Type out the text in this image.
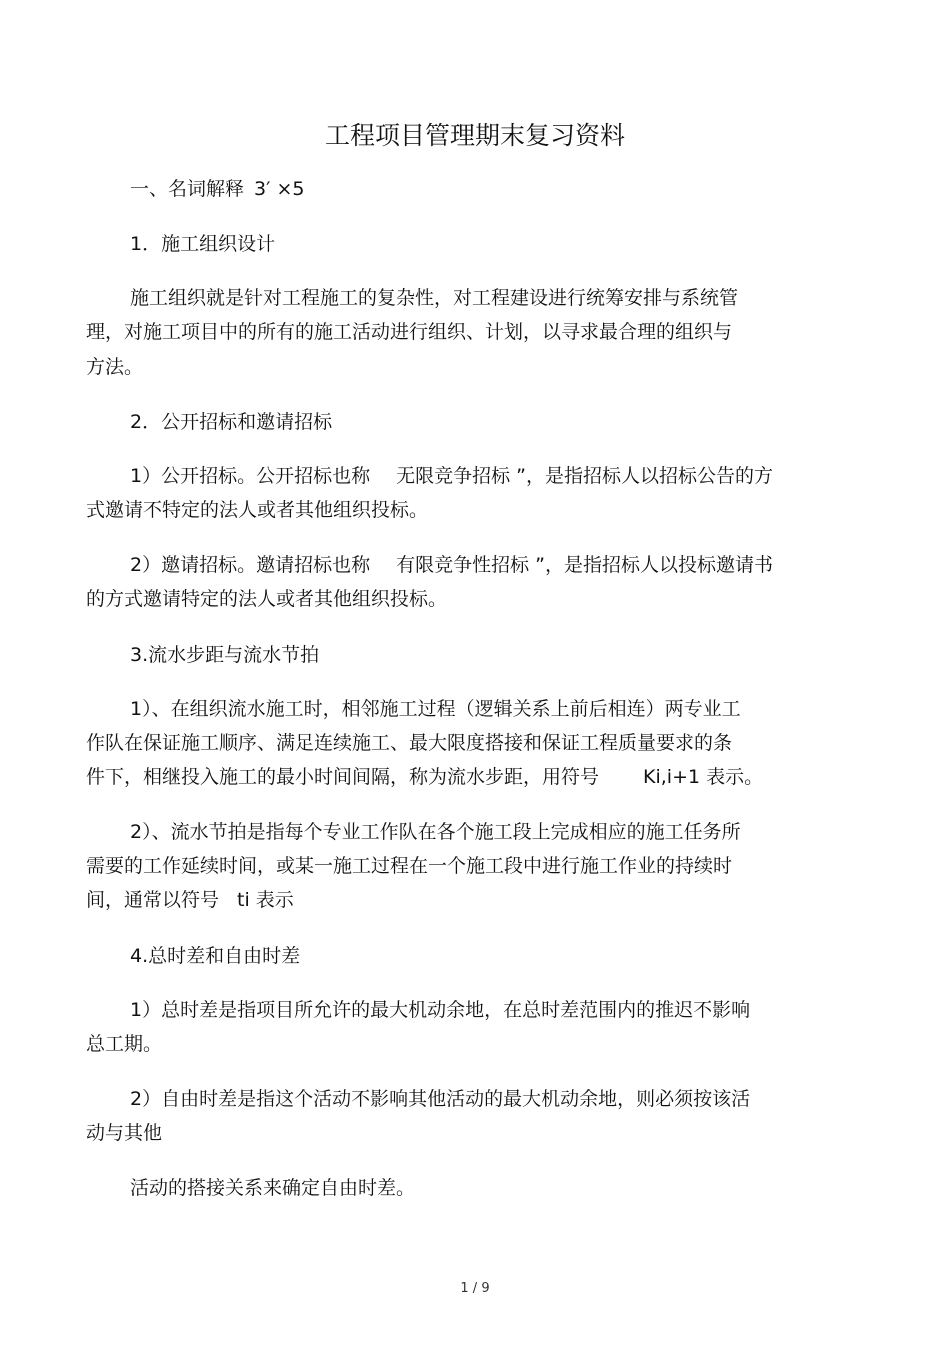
工程项目管理期末复习资料
一、名词解释 3′ ×5
1．施工组织设计
施工组织就是针对工程施工的复杂性，对工程建设进行统筹安排与系统管
理，对施工项目中的所有的施工活动进行组织、计划，以寻求最合理的组织与
方法。
2．公开招标和邀请招标
1）公开招标。公开招标也称 无限竞争招标 ”，是指招标人以招标公告的方
式邀请不特定的法人或者其他组织投标。
2）邀请招标。邀请招标也称 有限竞争性招标 ”，是指招标人以投标邀请书
的方式邀请特定的法人或者其他组织投标。
3.流水步距与流水节拍
1）、在组织流水施工时，相邻施工过程（逻辑关系上前后相连）两专业工
作队在保证施工顺序、满足连续施工、最大限度搭接和保证工程质量要求的条
件下，相继投入施工的最小时间间隔，称为流水步距，用符号 Ki,i+1 表示。
2）、流水节拍是指每个专业工作队在各个施工段上完成相应的施工任务所
需要的工作延续时间，或某一施工过程在一个施工段中进行施工作业的持续时
间，通常以符号 ti 表示
4.总时差和自由时差
1）总时差是指项目所允许的最大机动余地，在总时差范围内的推迟不影响
总工期。
2）自由时差是指这个活动不影响其他活动的最大机动余地，则必须按该活
动与其他
活动的搭接关系来确定自由时差。
1 / 9
